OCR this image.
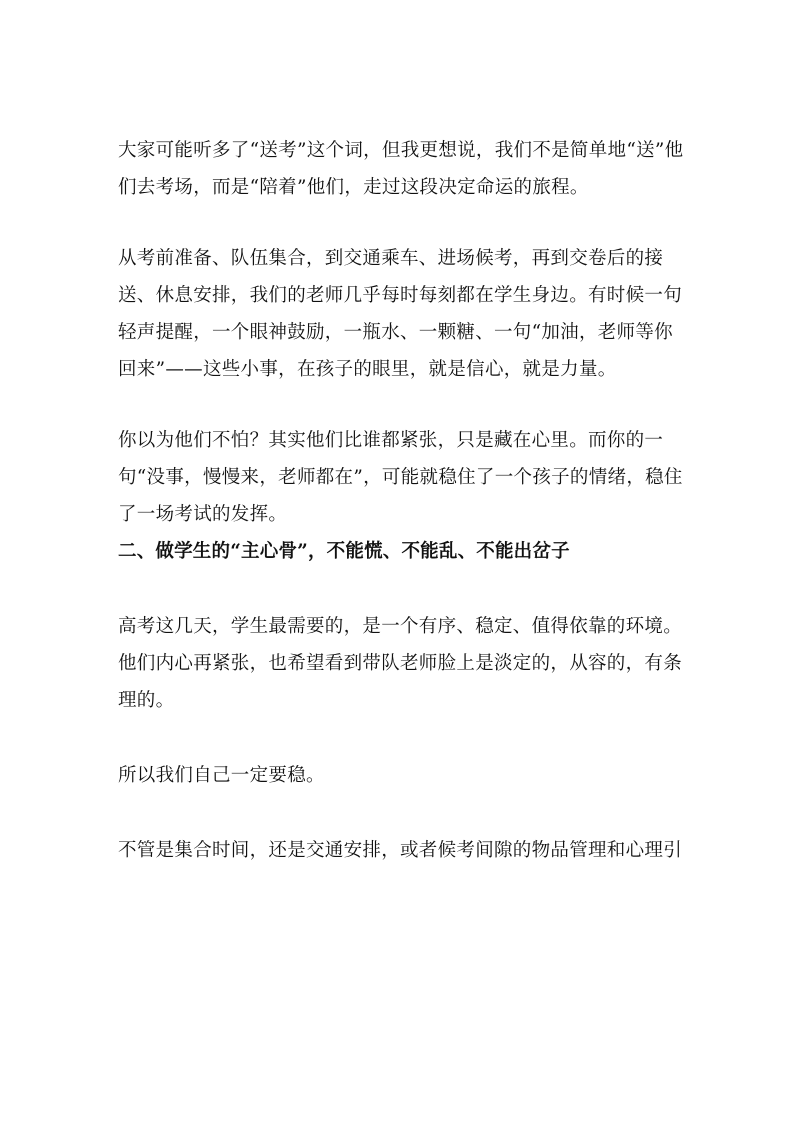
大家可能听多了“送考”这个词，但我更想说，我们不是简单地“送”他们去考场，而是“陪着”他们，走过这段决定命运的旅程。

从考前准备、队伍集合，到交通乘车、进场候考，再到交卷后的接送、休息安排，我们的老师几乎每时每刻都在学生身边。有时候一句轻声提醒，一个眼神鼓励，一瓶水、一颗糖、一句“加油，老师等你回来”——这些小事，在孩子的眼里，就是信心，就是力量。

你以为他们不怕？其实他们比谁都紧张，只是藏在心里。而你的一句“没事，慢慢来，老师都在”，可能就稳住了一个孩子的情绪，稳住了一场考试的发挥。

二、做学生的“主心骨”，不能慌、不能乱、不能出岔子

高考这几天，学生最需要的，是一个有序、稳定、值得依靠的环境。他们内心再紧张，也希望看到带队老师脸上是淡定的，从容的，有条理的。

所以我们自己一定要稳。

不管是集合时间，还是交通安排，或者候考间隙的物品管理和心理引
